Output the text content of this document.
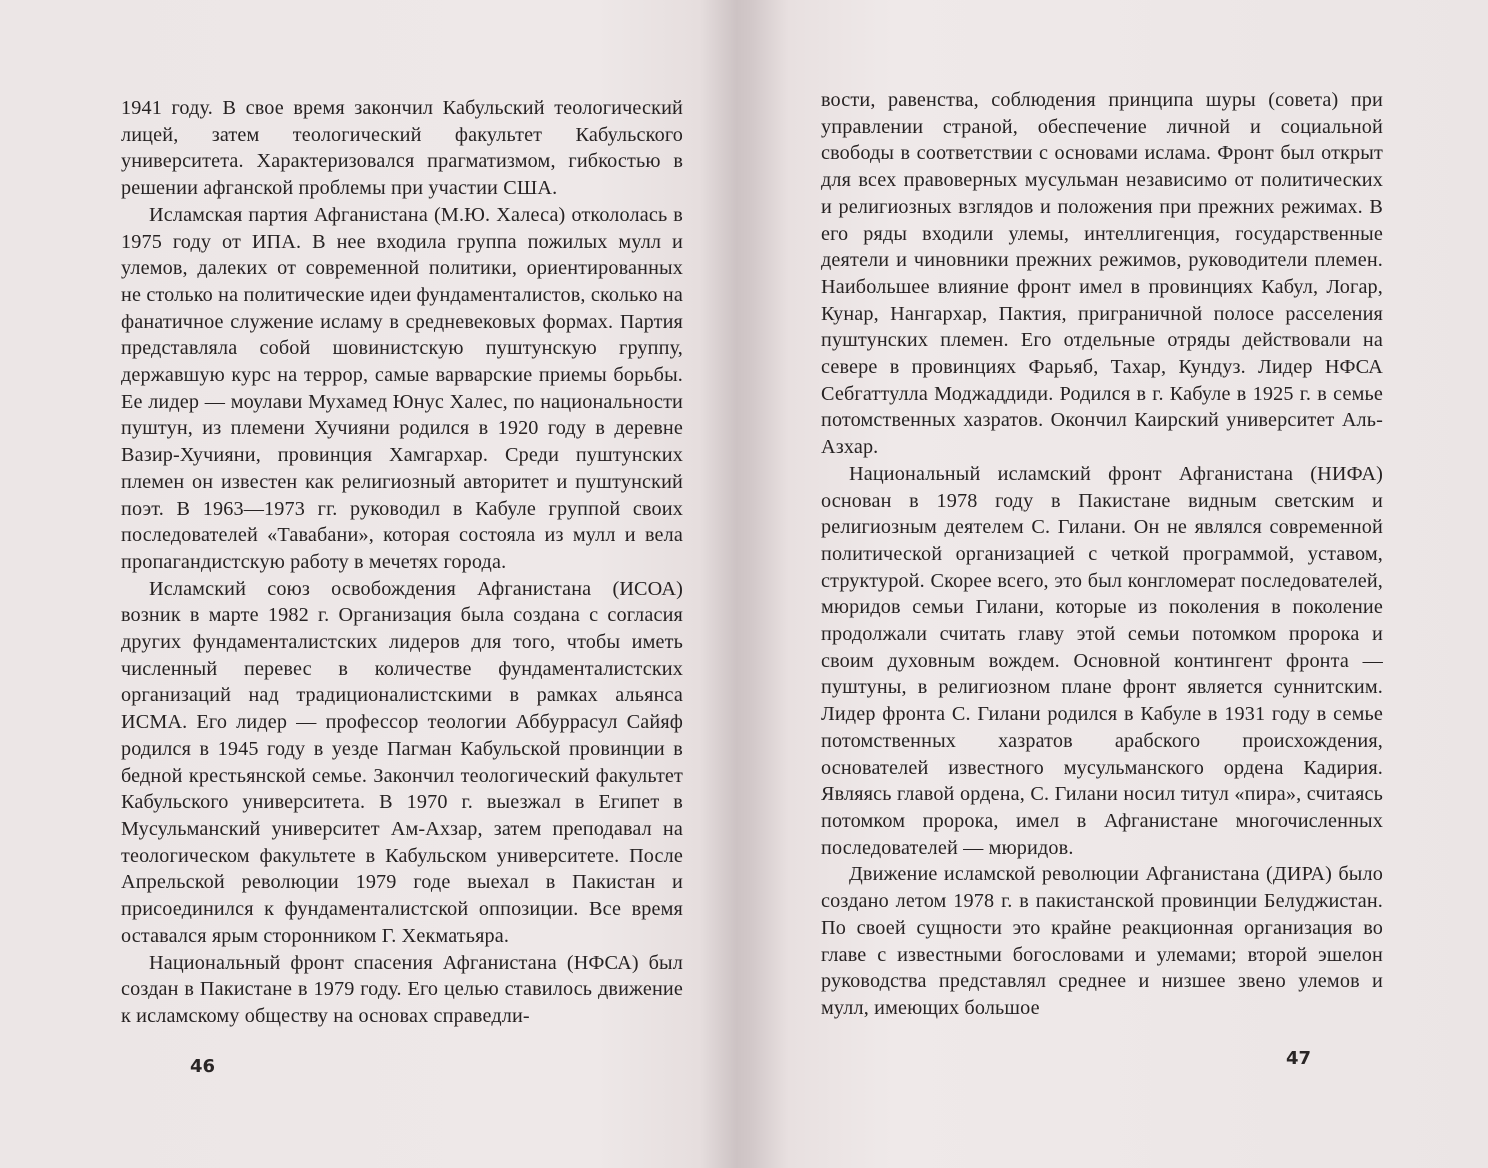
1941 году. В свое время закончил Кабульский теологический лицей, затем теологический факультет Кабульского университета. Характеризовался прагматизмом, гибкостью в решении афганской проблемы при участии США.

Исламская партия Афганистана (М.Ю. Халеса) откололась в 1975 году от ИПА. В нее входила группа пожилых мулл и улемов, далеких от современной политики, ориентированных не столько на политические идеи фундаменталистов, сколько на фанатичное служение исламу в средневековых формах. Партия представляла собой шовинистскую пуштунскую группу, державшую курс на террор, самые варварские приемы борьбы. Ее лидер — моулави Мухамед Юнус Халес, по национальности пуштун, из племени Хучияни родился в 1920 году в деревне Вазир-Хучияни, провинция Хамгархар. Среди пуштунских племен он известен как религиозный авторитет и пуштунский поэт. В 1963—1973 гг. руководил в Кабуле группой своих последователей «Тавабани», которая состояла из мулл и вела пропагандистскую работу в мечетях города.

Исламский союз освобождения Афганистана (ИСОА) возник в марте 1982 г. Организация была создана с согласия других фундаменталистских лидеров для того, чтобы иметь численный перевес в количестве фундаменталистских организаций над традиционалистскими в рамках альянса ИСМА. Его лидер — профессор теологии Аббуррасул Сайяф родился в 1945 году в уезде Пагман Кабульской провинции в бедной крестьянской семье. Закончил теологический факультет Кабульского университета. В 1970 г. выезжал в Египет в Мусульманский университет Ам-Ахзар, затем преподавал на теологическом факультете в Кабульском университете. После Апрельской революции 1979 годе выехал в Пакистан и присоединился к фундаменталистской оппозиции. Все время оставался ярым сторонником Г. Хекматьяра.

Национальный фронт спасения Афганистана (НФСА) был создан в Пакистане в 1979 году. Его целью ставилось движение к исламскому обществу на основах справедли-

46

вости, равенства, соблюдения принципа шуры (совета) при управлении страной, обеспечение личной и социальной свободы в соответствии с основами ислама. Фронт был открыт для всех правоверных мусульман независимо от политических и религиозных взглядов и положения при прежних режимах. В его ряды входили улемы, интеллигенция, государственные деятели и чиновники прежних режимов, руководители племен. Наибольшее влияние фронт имел в провинциях Кабул, Логар, Кунар, Нангархар, Пактия, приграничной полосе расселения пуштунских племен. Его отдельные отряды действовали на севере в провинциях Фарьяб, Тахар, Кундуз. Лидер НФСА Себгаттулла Моджаддиди. Родился в г. Кабуле в 1925 г. в семье потомственных хазратов. Окончил Каирский университет Аль-Азхар.

Национальный исламский фронт Афганистана (НИФА) основан в 1978 году в Пакистане видным светским и религиозным деятелем С. Гилани. Он не являлся современной политической организацией с четкой программой, уставом, структурой. Скорее всего, это был конгломерат последователей, мюридов семьи Гилани, которые из поколения в поколение продолжали считать главу этой семьи потомком пророка и своим духовным вождем. Основной контингент фронта — пуштуны, в религиозном плане фронт является суннитским. Лидер фронта С. Гилани родился в Кабуле в 1931 году в семье потомственных хазратов арабского происхождения, основателей известного мусульманского ордена Кадирия. Являясь главой ордена, С. Гилани носил титул «пира», считаясь потомком пророка, имел в Афганистане многочисленных последователей — мюридов.

Движение исламской революции Афганистана (ДИРА) было создано летом 1978 г. в пакистанской провинции Белуджистан. По своей сущности это крайне реакционная организация во главе с известными богословами и улемами; второй эшелон руководства представлял среднее и низшее звено улемов и мулл, имеющих большое

47
